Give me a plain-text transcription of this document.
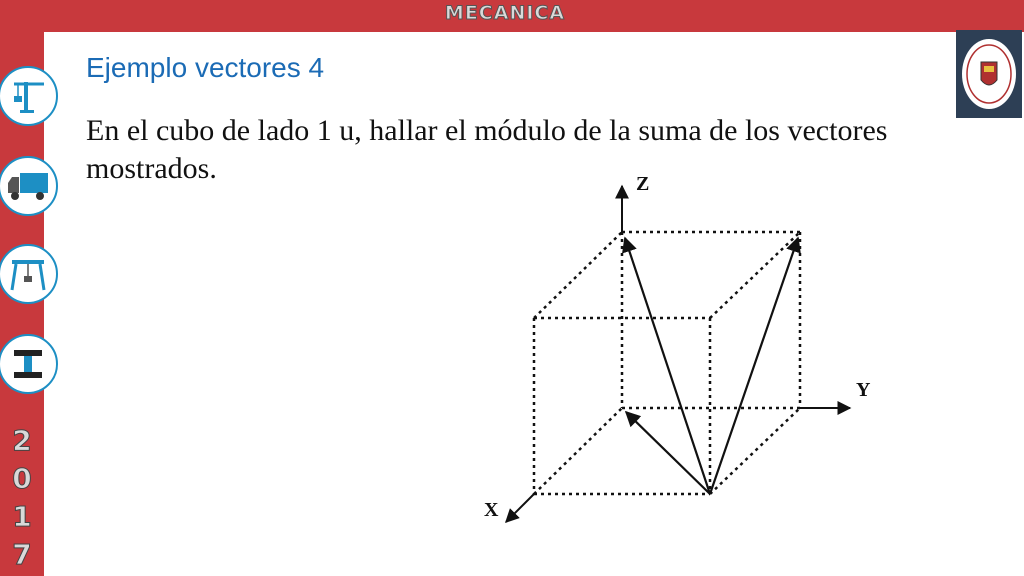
MECANICA
2
0
1
7
Ejemplo vectores 4
En el cubo de lado 1 u, hallar el módulo de la suma de los vectores mostrados.	Z
Y
X
